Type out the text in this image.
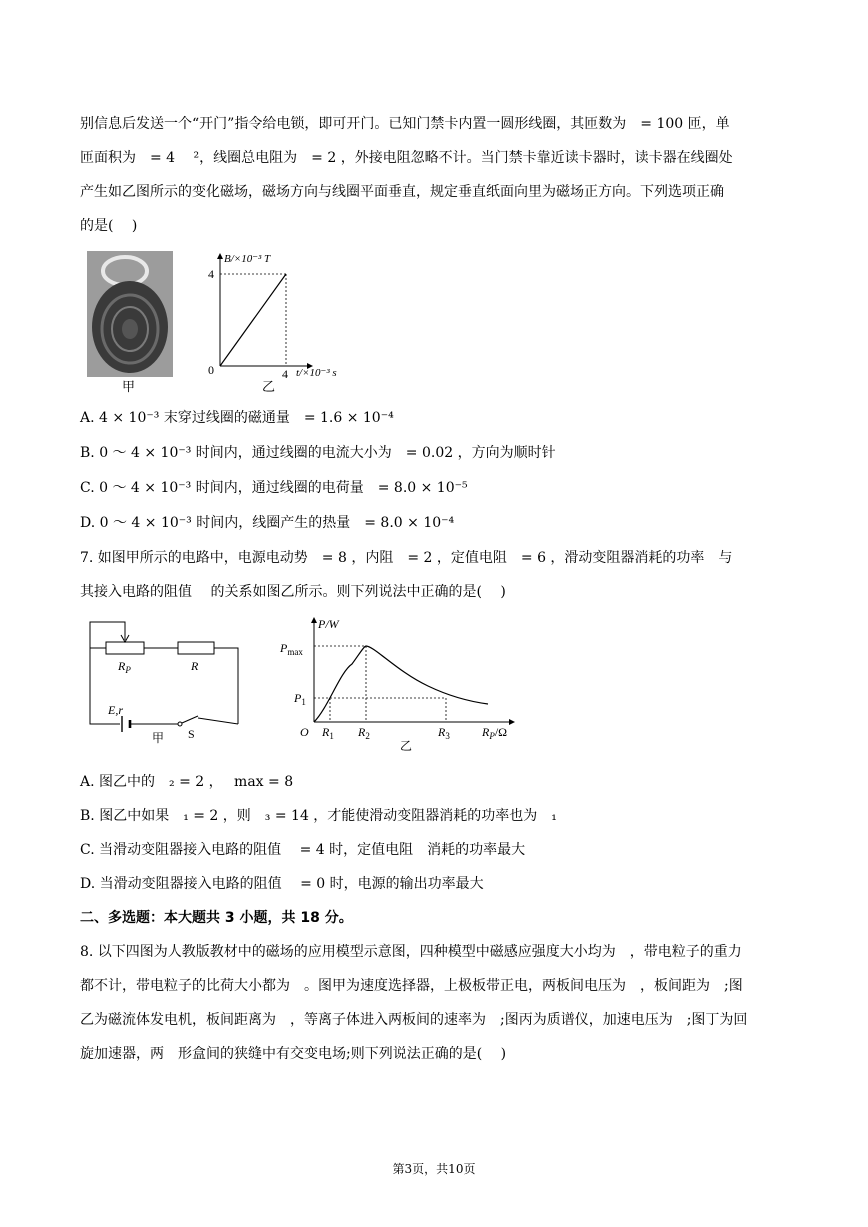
别信息后发送一个“开门”指令给电锁，即可开门。已知门禁卡内置一圆形线圈，其匝数为　= 100 匝，单
匝面积为　= 4　 ²，线圈总电阻为　= 2 ，外接电阻忽略不计。当门禁卡靠近读卡器时，读卡器在线圈处
产生如乙图所示的变化磁场，磁场方向与线圈平面垂直，规定垂直纸面向里为磁场正方向。下列选项正确
的是(　 )
甲
B/×10⁻³ T
4
0	4 t/×10⁻³ s
乙
A. 4 × 10⁻³ 末穿过线圈的磁通量　= 1.6 × 10⁻⁴
B. 0 ～ 4 × 10⁻³ 时间内，通过线圈的电流大小为　= 0.02 ，方向为顺时针
C. 0 ～ 4 × 10⁻³ 时间内，通过线圈的电荷量　= 8.0 × 10⁻⁵
D. 0 ～ 4 × 10⁻³ 时间内，线圈产生的热量　= 8.0 × 10⁻⁴
7. 如图甲所示的电路中，电源电动势　= 8 ，内阻　= 2 ，定值电阻　= 6 ，滑动变阻器消耗的功率　与
其接入电路的阻值　 的关系如图乙所示。则下列说法中正确的是(　 )
$R_P$	R
E,r
S
甲
P/W
$P_{max}$
$P_1$
O $R_1$ $R_2$	$R_3$	$R_P/\Omega$
乙
A. 图乙中的　₂ = 2 ，　 max = 8
B. 图乙中如果　₁ = 2 ，则　₃ = 14 ，才能使滑动变阻器消耗的功率也为　₁
C. 当滑动变阻器接入电路的阻值　 = 4 时，定值电阻　消耗的功率最大
D. 当滑动变阻器接入电路的阻值　 = 0 时，电源的输出功率最大
二、多选题：本大题共 3 小题，共 18 分。
8. 以下四图为人教版教材中的磁场的应用模型示意图，四种模型中磁感应强度大小均为　，带电粒子的重力
都不计，带电粒子的比荷大小都为　。图甲为速度选择器，上极板带正电，两板间电压为　，板间距为　;图
乙为磁流体发电机，板间距离为　，等离子体进入两板间的速率为　;图丙为质谱仪，加速电压为　;图丁为回
旋加速器，两　形盒间的狭缝中有交变电场;则下列说法正确的是(　 )
第3页，共10页
